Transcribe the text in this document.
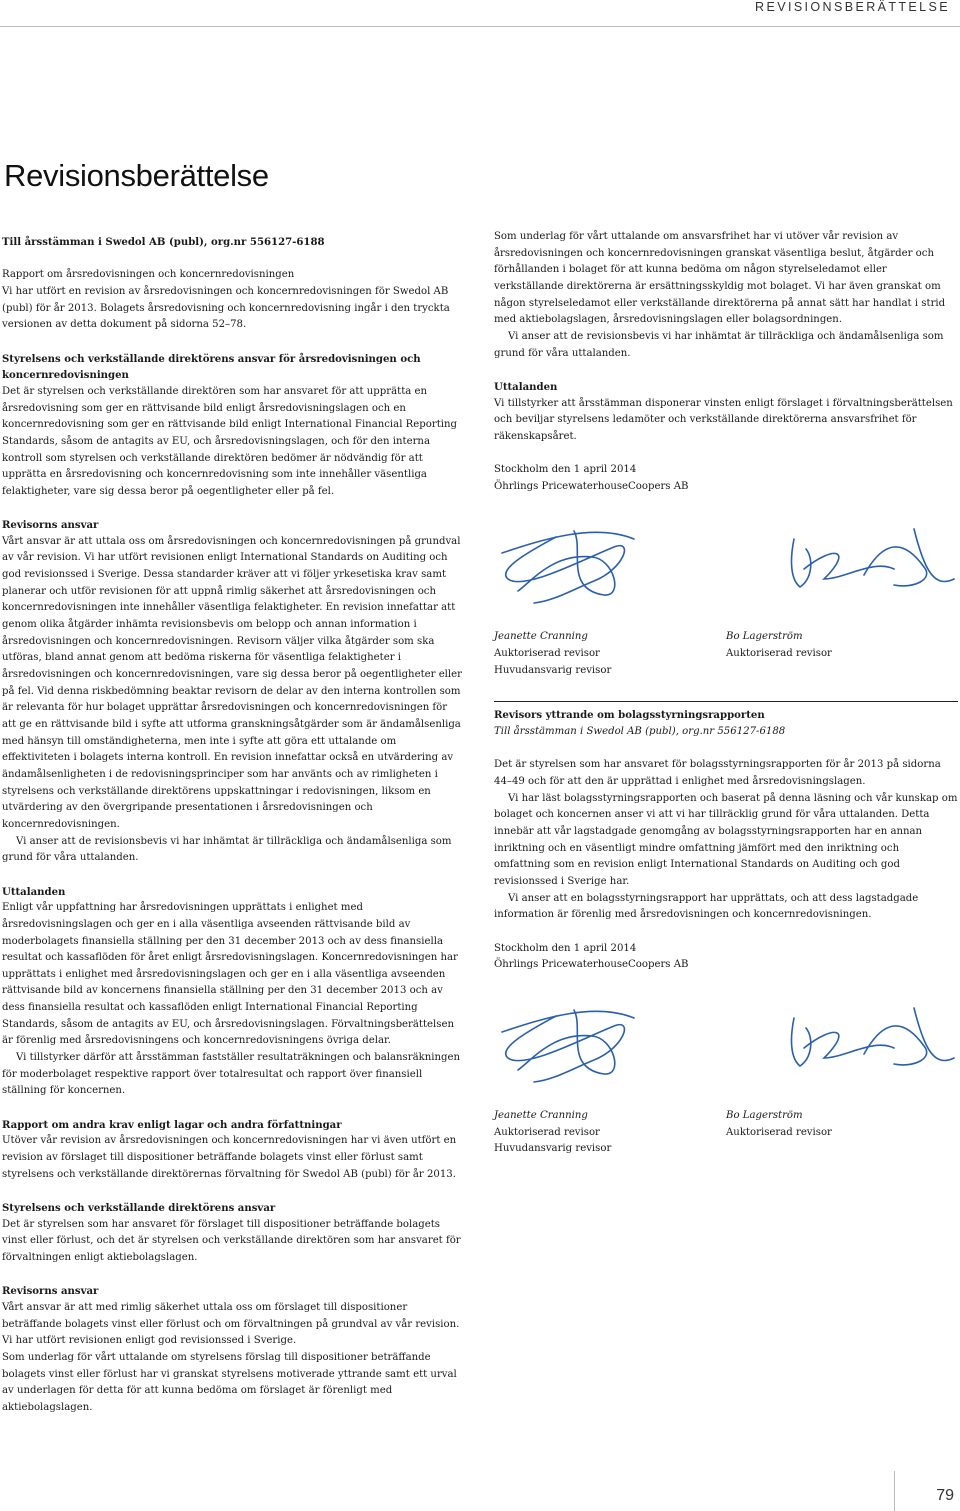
REVISIONSBERÄTTELSE
Revisionsberättelse

Till årsstämman i Swedol AB (publ), org.nr 556127-6188

Rapport om årsredovisningen och koncernredovisningen

Vi har utfört en revision av årsredovisningen och koncernredovisningen för Swedol AB (publ) för år 2013. Bolagets årsredovisning och koncernredovisning ingår i den tryckta versionen av detta dokument på sidorna 52–78.

Styrelsens och verkställande direktörens ansvar för årsredovisningen och koncernredovisningen

Det är styrelsen och verkställande direktören som har ansvaret för att upprätta en årsredovisning som ger en rättvisande bild enligt årsredovisningslagen och en koncernredovisning som ger en rättvisande bild enligt International Financial Reporting Standards, såsom de antagits av EU, och årsredovisningslagen, och för den interna kontroll som styrelsen och verkställande direktören bedömer är nödvändig för att upprätta en årsredovisning och koncernredovisning som inte innehåller väsentliga felaktigheter, vare sig dessa beror på oegentligheter eller på fel.

Revisorns ansvar

Vårt ansvar är att uttala oss om årsredovisningen och koncernredovisningen på grundval av vår revision. Vi har utfört revisionen enligt International Standards on Auditing och god revisionssed i Sverige. Dessa standarder kräver att vi följer yrkesetiska krav samt planerar och utför revisionen för att uppnå rimlig säkerhet att årsredovisningen och koncernredovisningen inte innehåller väsentliga felaktigheter. En revision innefattar att genom olika åtgärder inhämta revisionsbevis om belopp och annan information i årsredovisningen och koncernredovisningen. Revisorn väljer vilka åtgärder som ska utföras, bland annat genom att bedöma riskerna för väsentliga felaktigheter i årsredovisningen och koncernredovisningen, vare sig dessa beror på oegentligheter eller på fel. Vid denna riskbedömning beaktar revisorn de delar av den interna kontrollen som är relevanta för hur bolaget upprättar årsredovisningen och koncernredovisningen för att ge en rättvisande bild i syfte att utforma granskningsåtgärder som är ändamålsenliga med hänsyn till omständigheterna, men inte i syfte att göra ett uttalande om effektiviteten i bolagets interna kontroll. En revision innefattar också en utvärdering av ändamålsenligheten i de redovisningsprinciper som har använts och av rimligheten i styrelsens och verkställande direktörens uppskattningar i redovisningen, liksom en utvärdering av den övergripande presentationen i årsredovisningen och koncernredovisningen.

Vi anser att de revisionsbevis vi har inhämtat är tillräckliga och ändamålsenliga som grund för våra uttalanden.

Uttalanden

Enligt vår uppfattning har årsredovisningen upprättats i enlighet med årsredovisningslagen och ger en i alla väsentliga avseenden rättvisande bild av moderbolagets finansiella ställning per den 31 december 2013 och av dess finansiella resultat och kassaflöden för året enligt årsredovisningslagen. Koncernredovisningen har upprättats i enlighet med årsredovisningslagen och ger en i alla väsentliga avseenden rättvisande bild av koncernens finansiella ställning per den 31 december 2013 och av dess finansiella resultat och kassaflöden enligt International Financial Reporting Standards, såsom de antagits av EU, och årsredovisningslagen. Förvaltningsberättelsen är förenlig med årsredovisningens och koncernredovisningens övriga delar.

Vi tillstyrker därför att årsstämman fastställer resultaträkningen och balansräkningen för moderbolaget respektive rapport över totalresultat och rapport över finansiell ställning för koncernen.

Rapport om andra krav enligt lagar och andra författningar

Utöver vår revision av årsredovisningen och koncernredovisningen har vi även utfört en revision av förslaget till dispositioner beträffande bolagets vinst eller förlust samt styrelsens och verkställande direktörernas förvaltning för Swedol AB (publ) för år 2013.

Styrelsens och verkställande direktörens ansvar

Det är styrelsen som har ansvaret för förslaget till dispositioner beträffande bolagets vinst eller förlust, och det är styrelsen och verkställande direktören som har ansvaret för förvaltningen enligt aktiebolagslagen.

Revisorns ansvar

Vårt ansvar är att med rimlig säkerhet uttala oss om förslaget till dispositioner beträffande bolagets vinst eller förlust och om förvaltningen på grundval av vår revision. Vi har utfört revisionen enligt god revisionssed i Sverige.

Som underlag för vårt uttalande om styrelsens förslag till dispositioner beträffande bolagets vinst eller förlust har vi granskat styrelsens motiverade yttrande samt ett urval av underlagen för detta för att kunna bedöma om förslaget är förenligt med aktiebolagslagen.

Som underlag för vårt uttalande om ansvarsfrihet har vi utöver vår revision av årsredovisningen och koncernredovisningen granskat väsentliga beslut, åtgärder och förhållanden i bolaget för att kunna bedöma om någon styrelseledamot eller verkställande direktörerna är ersättningsskyldig mot bolaget. Vi har även granskat om någon styrelseledamot eller verkställande direktörerna på annat sätt har handlat i strid med aktiebolagslagen, årsredovisningslagen eller bolagsordningen.

Vi anser att de revisionsbevis vi har inhämtat är tillräckliga och ändamålsenliga som grund för våra uttalanden.

Uttalanden

Vi tillstyrker att årsstämman disponerar vinsten enligt förslaget i förvaltningsberättelsen och beviljar styrelsens ledamöter och verkställande direktörerna ansvarsfrihet för räkenskapsåret.

Stockholm den 1 april 2014

Öhrlings PricewaterhouseCoopers AB

Jeanette Cranning

Auktoriserad revisor

Huvudansvarig revisor

Bo Lagerström

Auktoriserad revisor

Revisors yttrande om bolagsstyrningsrapporten

Till årsstämman i Swedol AB (publ), org.nr 556127-6188

Det är styrelsen som har ansvaret för bolagsstyrningsrapporten för år 2013 på sidorna 44–49 och för att den är upprättad i enlighet med årsredovisningslagen.

Vi har läst bolagsstyrningsrapporten och baserat på denna läsning och vår kunskap om bolaget och koncernen anser vi att vi har tillräcklig grund för våra uttalanden. Detta innebär att vår lagstadgade genomgång av bolagsstyrningsrapporten har en annan inriktning och en väsentligt mindre omfattning jämfört med den inriktning och omfattning som en revision enligt International Standards on Auditing och god revisionssed i Sverige har.

Vi anser att en bolagsstyrningsrapport har upprättats, och att dess lagstadgade information är förenlig med årsredovisningen och koncernredovisningen.

Stockholm den 1 april 2014

Öhrlings PricewaterhouseCoopers AB

Jeanette Cranning

Auktoriserad revisor

Huvudansvarig revisor

Bo Lagerström

Auktoriserad revisor

79
